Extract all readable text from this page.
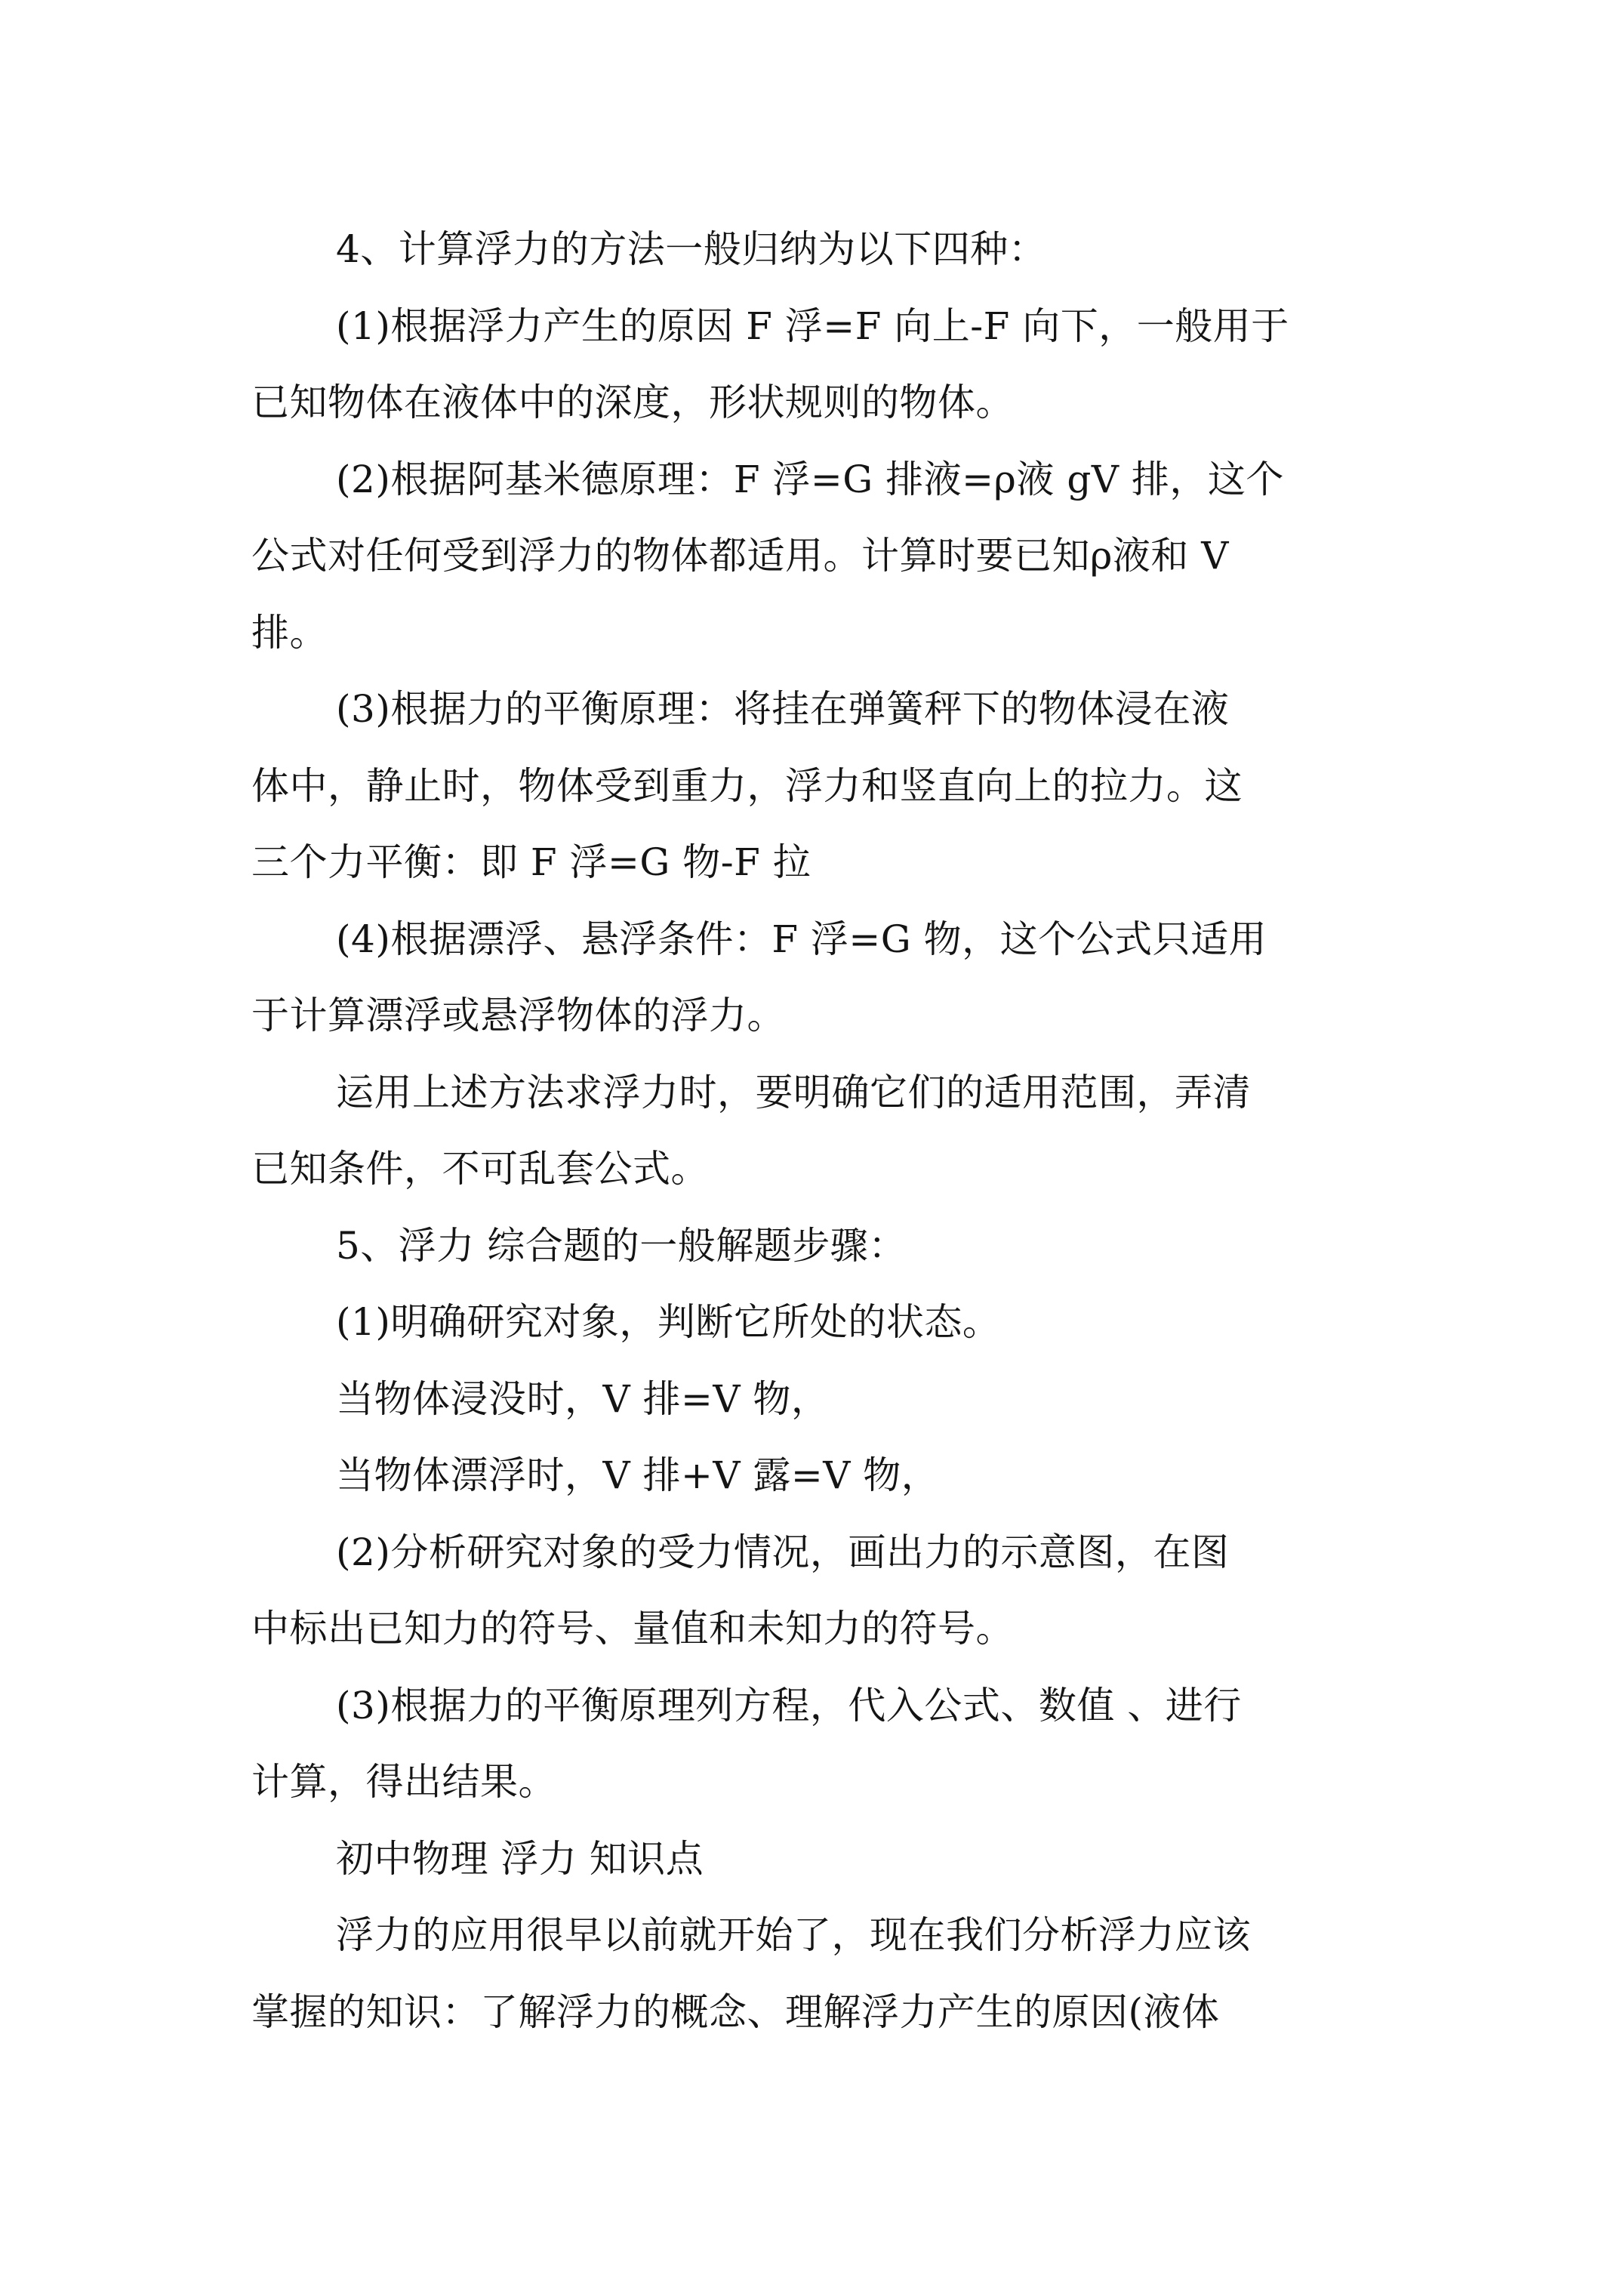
4、计算浮力的方法一般归纳为以下四种：
(1)根据浮力产生的原因 F 浮=F 向上-F 向下，一般用于
已知物体在液体中的深度，形状规则的物体。
(2)根据阿基米德原理：F 浮=G 排液=ρ液 gV 排，这个
公式对任何受到浮力的物体都适用。计算时要已知ρ液和 V
排。
(3)根据力的平衡原理：将挂在弹簧秤下的物体浸在液
体中，静止时，物体受到重力，浮力和竖直向上的拉力。这
三个力平衡：即 F 浮=G 物-F 拉
(4)根据漂浮、悬浮条件：F 浮=G 物，这个公式只适用
于计算漂浮或悬浮物体的浮力。
运用上述方法求浮力时，要明确它们的适用范围，弄清
已知条件，不可乱套公式。
5、浮力 综合题的一般解题步骤：
(1)明确研究对象，判断它所处的状态。
当物体浸没时，V 排=V 物，
当物体漂浮时，V 排+V 露=V 物，
(2)分析研究对象的受力情况，画出力的示意图，在图
中标出已知力的符号、量值和未知力的符号。
(3)根据力的平衡原理列方程，代入公式、数值 、进行
计算，得出结果。
初中物理 浮力 知识点
浮力的应用很早以前就开始了，现在我们分析浮力应该
掌握的知识：了解浮力的概念、理解浮力产生的原因(液体
